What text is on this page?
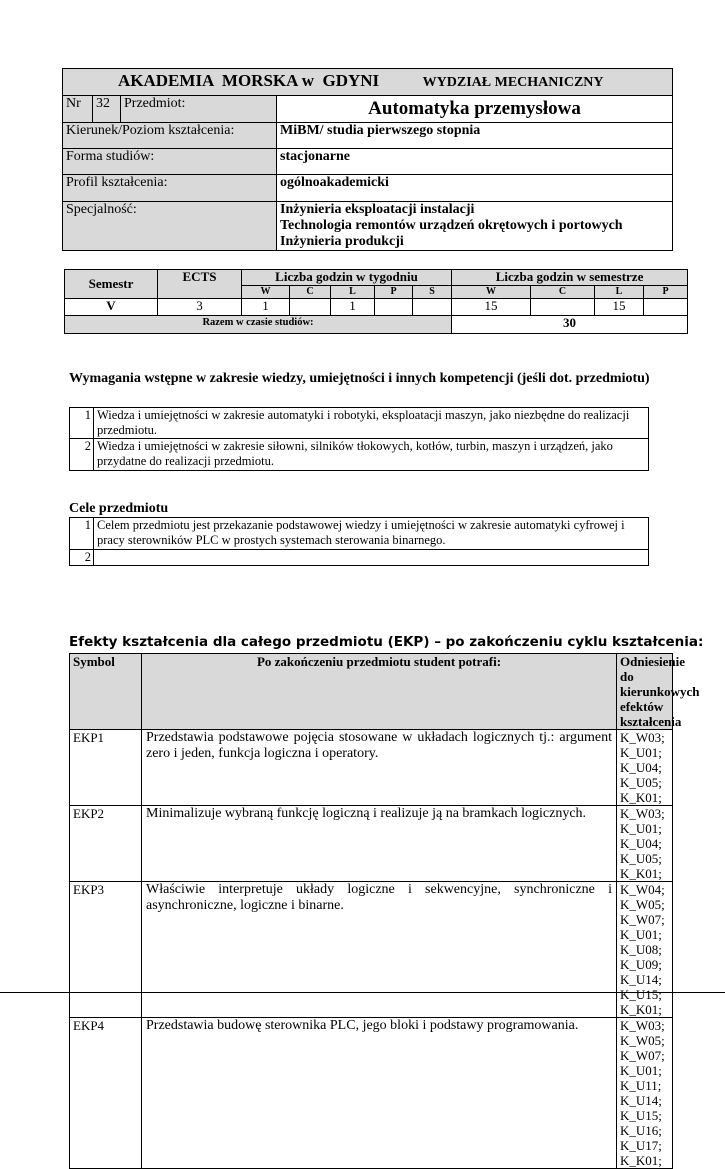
AKADEMIA  MORSKA w  GDYNI WYDZIAŁ MECHANICZNY			
Nr	32	Przedmiot:	Automatyka przemysłowa
Kierunek/Poziom kształcenia:			MiBM/ studia pierwszego stopnia
Forma studiów:			stacjonarne
Profil kształcenia:			ogólnoakademicki
Specjalność:			Inżynieria eksploatacji instalacji
Technologia remontów urządzeń okrętowych i portowych
Inżynieria produkcji
Semestr	ECTS	Liczba godzin w tygodniu					Liczba godzin w semestrze			
		W	C	L	P	S	W	C	L	P
V	3	1		1			15		15	
Razem w czasie studiów:							30			

Wymagania wstępne w zakresie wiedzy, umiejętności i innych kompetencji (jeśli dot. przedmiotu)

1	Wiedza i umiejętności w zakresie automatyki i robotyki, eksploatacji maszyn, jako niezbędne do realizacji przedmiotu.
2	Wiedza i umiejętności w zakresie siłowni, silników tłokowych, kotłów, turbin, maszyn i urządzeń, jako przydatne do realizacji przedmiotu.

Cele przedmiotu

1	Celem przedmiotu jest przekazanie podstawowej wiedzy i umiejętności w zakresie automatyki cyfrowej i pracy sterowników PLC w prostych systemach sterowania binarnego.
2	

Efekty kształcenia dla całego przedmiotu (EKP) – po zakończeniu cyklu kształcenia:

Symbol	Po zakończeniu przedmiotu student potrafi:	Odniesienie do kierunkowych efektów kształcenia
EKP1	Przedstawia podstawowe pojęcia stosowane w układach logicznych tj.: argument zero i jeden, funkcja logiczna i operatory.	K_W03; K_U01; K_U04; K_U05; K_K01;
EKP2	Minimalizuje wybraną funkcję logiczną i realizuje ją na bramkach logicznych.	K_W03; K_U01; K_U04; K_U05; K_K01;
EKP3	Właściwie interpretuje układy logiczne i sekwencyjne, synchroniczne i asynchroniczne, logiczne i binarne.	K_W04; K_W05; K_W07; K_U01; K_U08; K_U09; K_U14; K_U15; K_K01;
EKP4	Przedstawia budowę sterownika PLC, jego bloki i podstawy programowania.	K_W03; K_W05; K_W07; K_U01; K_U11; K_U14; K_U15; K_U16; K_U17; K_K01;
